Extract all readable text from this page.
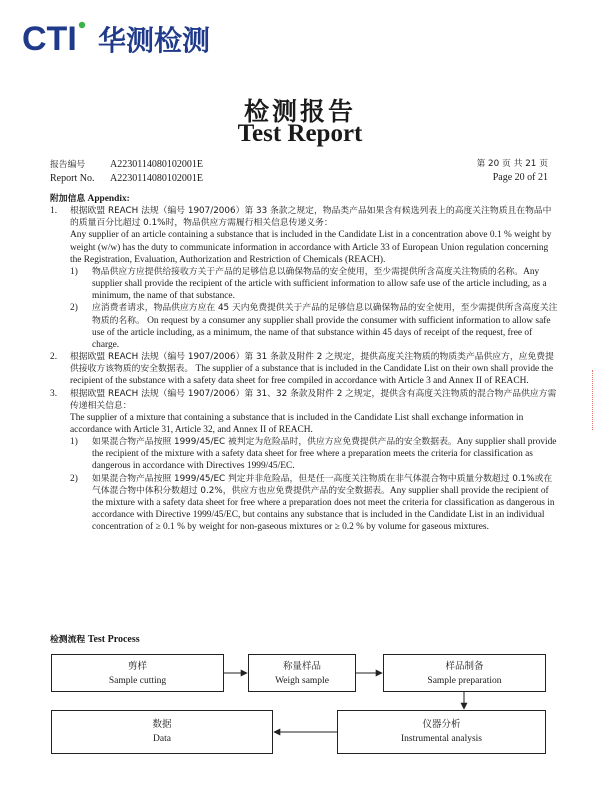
CTI 华测检测
检测报告
Test Report
报告编号 A2230114080102001E
Report No. A2230114080102001E
第 20 页 共 21 页
Page 20 of 21
附加信息 Appendix:
1.	根据欧盟 REACH 法规（编号 1907/2006）第 33 条款之规定，物品类产品如果含有候选列表上的高度关注物质且在物品中的质量百分比超过 0.1%时，物品供应方需履行相关信息传递义务：
Any supplier of an article containing a substance that is included in the Candidate List in a concentration above 0.1 % weight by weight (w/w) has the duty to communicate information in accordance with Article 33 of European Union regulation concerning the Registration, Evaluation, Authorization and Restriction of Chemicals (REACH).
1)	物品供应方应提供给接收方关于产品的足够信息以确保物品的安全使用，至少需提供所含高度关注物质的名称。Any supplier shall provide the recipient of the article with sufficient information to allow safe use of the article including, as a minimum, the name of that substance.
2)	应消费者请求，物品供应方应在 45 天内免费提供关于产品的足够信息以确保物品的安全使用，至少需提供所含高度关注物质的名称。 On request by a consumer any supplier shall provide the consumer with sufficient information to allow safe use of the article including, as a minimum, the name of that substance within 45 days of receipt of the request, free of charge.
2.	根据欧盟 REACH 法规（编号 1907/2006）第 31 条款及附件 2 之规定，提供高度关注物质的物质类产品供应方，应免费提供接收方该物质的安全数据表。 The supplier of a substance that is included in the Candidate List on their own shall provide the recipient of the substance with a safety data sheet for free compiled in accordance with Article 3 and Annex II of REACH.
3.	根据欧盟 REACH 法规（编号 1907/2006）第 31、32 条款及附件 2 之规定，提供含有高度关注物质的混合物产品供应方需传递相关信息：
The supplier of a mixture that containing a substance that is included in the Candidate List shall exchange information in accordance with Article 31, Article 32, and Annex II of REACH.
1)	如果混合物产品按照 1999/45/EC 被判定为危险品时，供应方应免费提供产品的安全数据表。Any supplier shall provide the recipient of the mixture with a safety data sheet for free where a preparation meets the criteria for classification as dangerous in accordance with Directives 1999/45/EC.
2)	如果混合物产品按照 1999/45/EC 判定并非危险品，但是任一高度关注物质在非气体混合物中质量分数超过 0.1%或在气体混合物中体积分数超过 0.2%，供应方也应免费提供产品的安全数据表。Any supplier shall provide the recipient of the mixture with a safety data sheet for free where a preparation does not meet the criteria for classification as dangerous in accordance with Directive 1999/45/EC, but contains any substance that is included in the Candidate List in an individual concentration of ≥ 0.1 % by weight for non-gaseous mixtures or ≥ 0.2 % by volume for gaseous mixtures.
检测流程 Test Process
剪样
Sample cutting
称量样品
Weigh sample
样品制备
Sample preparation
仪器分析
Instrumental analysis
数据
Data
